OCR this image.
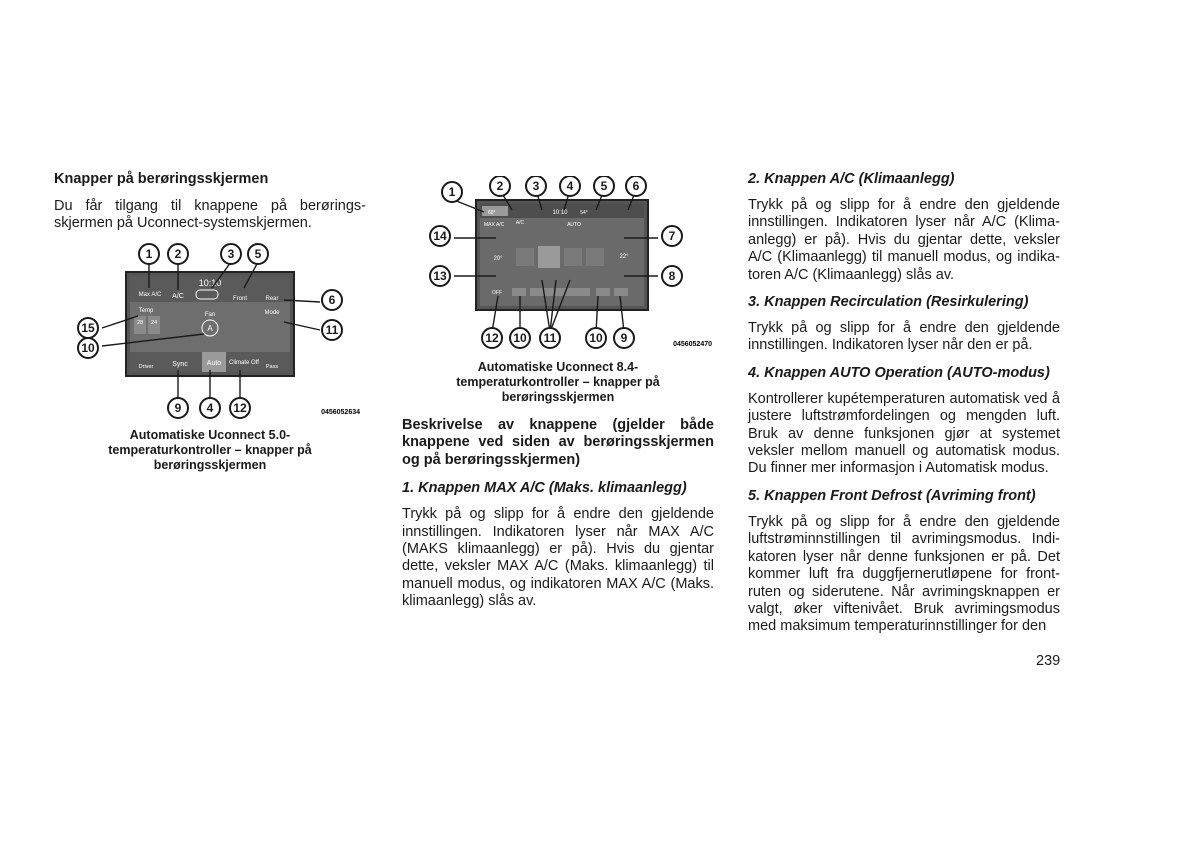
Knapper på berøringsskjermen

Du får tilgang til knappene på berørings-skjermen på Uconnect-systemskjermen.

10:10
Max A/C A/C	Front	Rear
Temp
28 24
Fan
A
Mode
Driver	Sync	Auto Climate Off
Pass
1 2	3 5
6
15	11
10
9 4 12	0456052634

Automatiske Uconnect 5.0-

temperaturkontroller – knapper på

berøringsskjermen

68°
MAX A/C A/C
10:10	54°
AUTO
20°	22°
OFF
1	2 3 4 5 6
14	7
13	8
12 10 11	10 9	0456052470

Automatiske Uconnect 8.4-

temperaturkontroller – knapper på

berøringsskjermen

Beskrivelse av knappene (gjelder både knappene ved siden av berøringsskjermen og på berøringsskjermen)

1. Knappen MAX A/C (Maks. klimaanlegg)

Trykk på og slipp for å endre den gjeldende innstillingen. Indikatoren lyser når MAX A/C (MAKS klimaanlegg) er på). Hvis du gjentar dette, veksler MAX A/C (Maks. klimaanlegg) til manuell modus, og indikatoren MAX A/C (Maks. klimaanlegg) slås av.

2. Knappen A/C (Klimaanlegg)

Trykk på og slipp for å endre den gjeldende innstillingen. Indikatoren lyser når A/C (Klima-anlegg) er på). Hvis du gjentar dette, veksler A/C (Klimaanlegg) til manuell modus, og indika-toren A/C (Klimaanlegg) slås av.

3. Knappen Recirculation (Resirkulering)

Trykk på og slipp for å endre den gjeldende innstillingen. Indikatoren lyser når den er på.

4. Knappen AUTO Operation (AUTO-modus)

Kontrollerer kupétemperaturen automatisk ved å justere luftstrømfordelingen og mengden luft. Bruk av denne funksjonen gjør at systemet veksler mellom manuell og automatisk modus. Du finner mer informasjon i Automatisk modus.

5. Knappen Front Defrost (Avriming front)

Trykk på og slipp for å endre den gjeldende luftstrøminnstillingen til avrimingsmodus. Indi-katoren lyser når denne funksjonen er på. Det kommer luft fra duggfjernerutløpene for front-ruten og siderutene. Når avrimingsknappen er valgt, øker viftenivået. Bruk avrimingsmodus med maksimum temperaturinnstillinger for den

239
